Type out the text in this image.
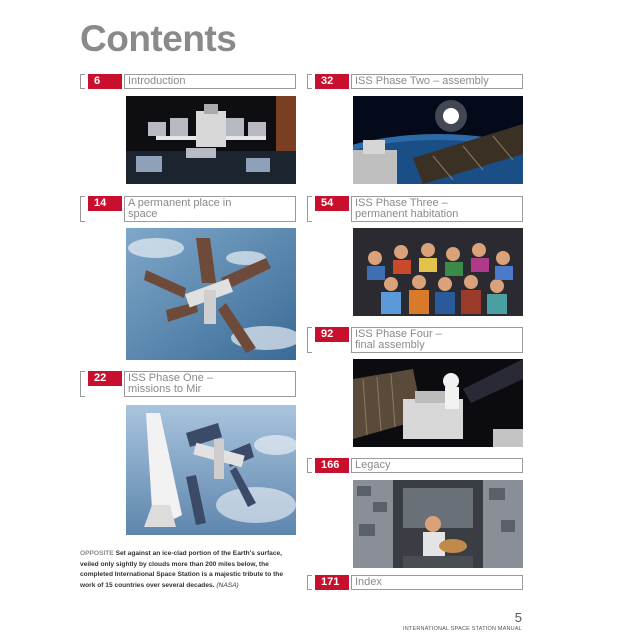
Contents
6	Introduction
14	A permanent place in
space
22	ISS Phase One –
missions to Mir
32	ISS Phase Two – assembly
54	ISS Phase Three –
permanent habitation
92	ISS Phase Four –
final assembly
166	Legacy
171	Index
OPPOSITE Set against an ice-clad portion of the Earth's surface, veiled only sightly by clouds more than 200 miles below, the completed International Space Station is a majestic tribute to the work of 15 countries over several decades. (NASA)
5
INTERNATIONAL SPACE STATION MANUAL
